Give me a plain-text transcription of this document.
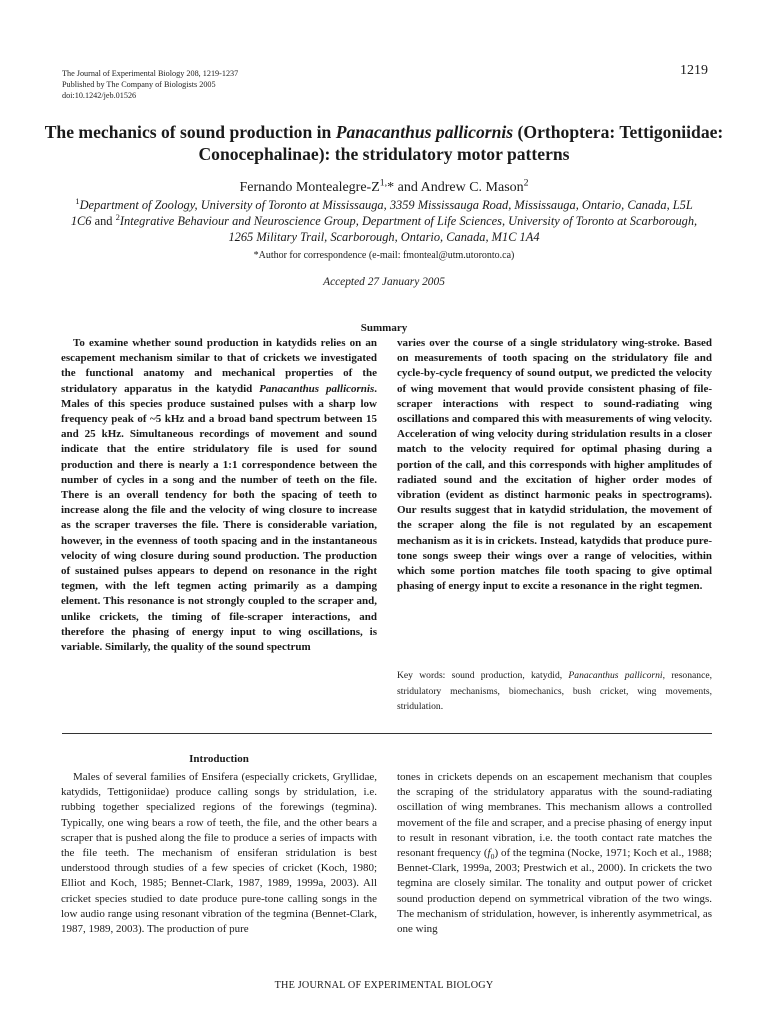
The Journal of Experimental Biology 208, 1219-1237
Published by The Company of Biologists 2005
doi:10.1242/jeb.01526
1219
The mechanics of sound production in Panacanthus pallicornis (Orthoptera: Tettigoniidae: Conocephalinae): the stridulatory motor patterns
Fernando Montealegre-$Z^{1,}*$ and Andrew C. Mason$^2$
$^1$Department of Zoology, University of Toronto at Mississauga, 3359 Mississauga Road, Mississauga, Ontario, Canada, L5L 1C6 and $^2$Integrative Behaviour and Neuroscience Group, Department of Life Sciences, University of Toronto at Scarborough, 1265 Military Trail, Scarborough, Ontario, Canada, M1C 1A4
*Author for correspondence (e-mail: fmonteal@utm.utoronto.ca)
Accepted 27 January 2005
Summary

To examine whether sound production in katydids relies on an escapement mechanism similar to that of crickets we investigated the functional anatomy and mechanical properties of the stridulatory apparatus in the katydid Panacanthus pallicornis. Males of this species produce sustained pulses with a sharp low frequency peak of ~5 kHz and a broad band spectrum between 15 and 25 kHz. Simultaneous recordings of movement and sound indicate that the entire stridulatory file is used for sound production and there is nearly a 1:1 correspondence between the number of cycles in a song and the number of teeth on the file. There is an overall tendency for both the spacing of teeth to increase along the file and the velocity of wing closure to increase as the scraper traverses the file. There is considerable variation, however, in the evenness of tooth spacing and in the instantaneous velocity of wing closure during sound production. The production of sustained pulses appears to depend on resonance in the right tegmen, with the left tegmen acting primarily as a damping element. This resonance is not strongly coupled to the scraper and, unlike crickets, the timing of file-scraper interactions, and therefore the phasing of energy input to wing oscillations, is variable. Similarly, the quality of the sound spectrum

varies over the course of a single stridulatory wing-stroke. Based on measurements of tooth spacing on the stridulatory file and cycle-by-cycle frequency of sound output, we predicted the velocity of wing movement that would provide consistent phasing of file-scraper interactions with respect to sound-radiating wing oscillations and compared this with measurements of wing velocity. Acceleration of wing velocity during stridulation results in a closer match to the velocity required for optimal phasing during a portion of the call, and this corresponds with higher amplitudes of radiated sound and the excitation of higher order modes of vibration (evident as distinct harmonic peaks in spectrograms). Our results suggest that in katydid stridulation, the movement of the scraper along the file is not regulated by an escapement mechanism as it is in crickets. Instead, katydids that produce pure-tone songs sweep their wings over a range of velocities, within which some portion matches file tooth spacing to give optimal phasing of energy input to excite a resonance in the right tegmen.

Key words: sound production, katydid, Panacanthus pallicorni, resonance, stridulatory mechanisms, biomechanics, bush cricket, wing movements, stridulation.
Introduction

Males of several families of Ensifera (especially crickets, Gryllidae, katydids, Tettigoniidae) produce calling songs by stridulation, i.e. rubbing together specialized regions of the forewings (tegmina). Typically, one wing bears a row of teeth, the file, and the other bears a scraper that is pushed along the file to produce a series of impacts with the file teeth. The mechanism of ensiferan stridulation is best understood through studies of a few species of cricket (Koch, 1980; Elliot and Koch, 1985; Bennet-Clark, 1987, 1989, 1999a, 2003). All cricket species studied to date produce pure-tone calling songs in the low audio range using resonant vibration of the tegmina (Bennet-Clark, 1987, 1989, 2003). The production of pure

tones in crickets depends on an escapement mechanism that couples the scraping of the stridulatory apparatus with the sound-radiating oscillation of wing membranes. This mechanism allows a controlled movement of the file and scraper, and a precise phasing of energy input to result in resonant vibration, i.e. the tooth contact rate matches the resonant frequency $(f_0)$ of the tegmina (Nocke, 1971; Koch et al., 1988; Bennet-Clark, 1999a, 2003; Prestwich et al., 2000). In crickets the two tegmina are closely similar. The tonality and output power of cricket sound production depend on symmetrical vibration of the two wings. The mechanism of stridulation, however, is inherently asymmetrical, as one wing

THE JOURNAL OF EXPERIMENTAL BIOLOGY
